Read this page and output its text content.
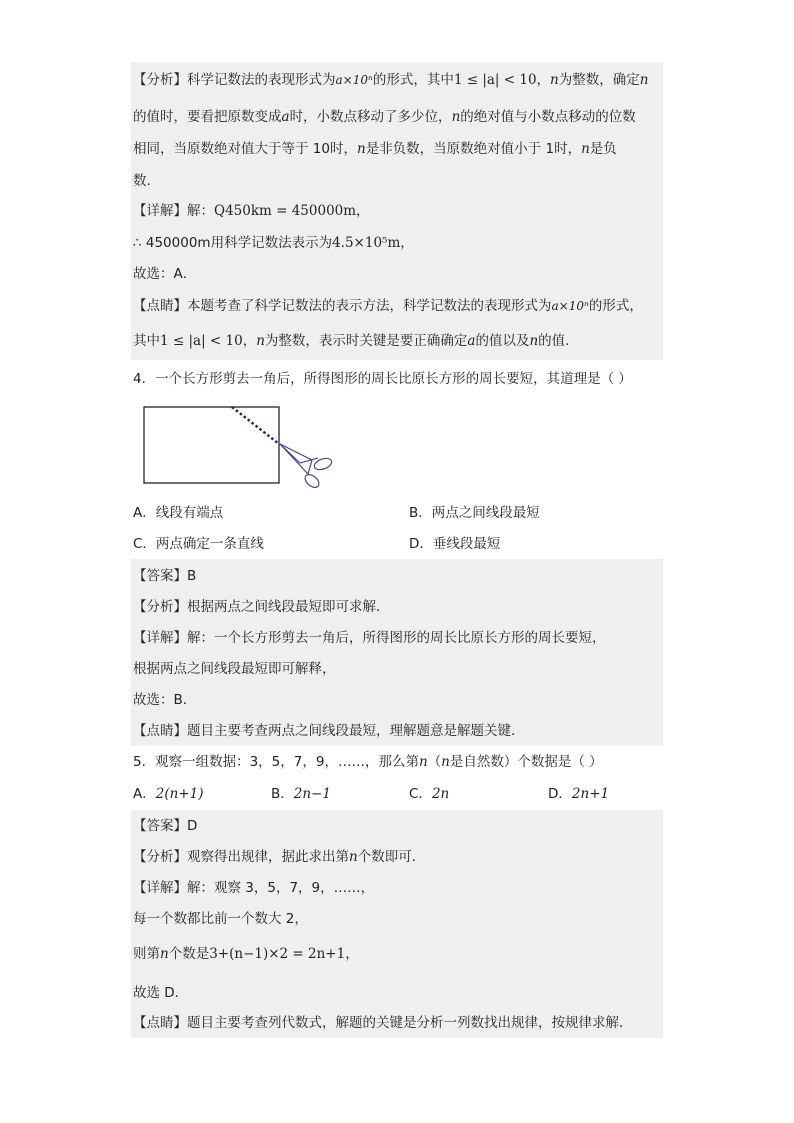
【分析】科学记数法的表现形式为a×10ⁿ的形式，其中1 ≤ |a| < 10，n为整数，确定n
的值时，要看把原数变成a时，小数点移动了多少位，n的绝对值与小数点移动的位数
相同，当原数绝对值大于等于 10时，n是非负数，当原数绝对值小于 1时，n是负
数.
【详解】解：Q450km = 450000m，
∴ 450000m用科学记数法表示为4.5×10⁵m，
故选：A．
【点睛】本题考查了科学记数法的表示方法，科学记数法的表现形式为a×10ⁿ的形式，
其中1 ≤ |a| < 10，n为整数，表示时关键是要正确确定a的值以及n的值.
4．一个长方形剪去一角后，所得图形的周长比原长方形的周长要短，其道理是（ ）
A．线段有端点	B．两点之间线段最短
C．两点确定一条直线	D．垂线段最短
【答案】B
【分析】根据两点之间线段最短即可求解．
【详解】解：一个长方形剪去一角后，所得图形的周长比原长方形的周长要短，
根据两点之间线段最短即可解释，
故选：B．
【点睛】题目主要考查两点之间线段最短，理解题意是解题关键．
5．观察一组数据：3，5，7，9，……，那么第n（n是自然数）个数据是（ ）
A．2(n+1)	B．2n−1	C．2n	D．2n+1
【答案】D
【分析】观察得出规律，据此求出第n个数即可．
【详解】解：观察 3，5，7，9，……，
每一个数都比前一个数大 2，
则第n个数是3+(n−1)×2 = 2n+1，
故选 D．
【点睛】题目主要考查列代数式，解题的关键是分析一列数找出规律，按规律求解．
